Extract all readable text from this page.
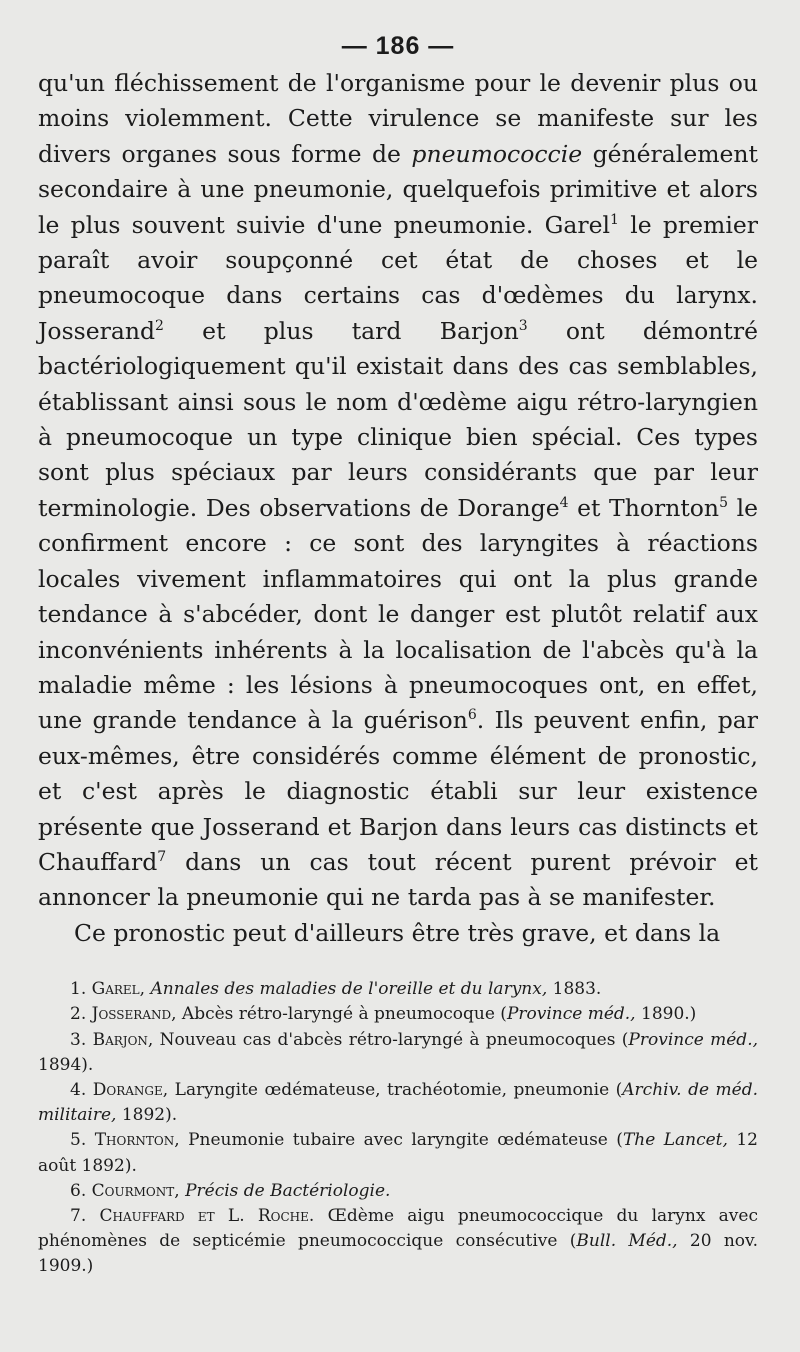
— 186 —

qu'un fléchissement de l'organisme pour le devenir plus ou moins violemment. Cette virulence se manifeste sur les divers organes sous forme de pneumococcie généralement secondaire à une pneumonie, quelquefois primitive et alors le plus souvent suivie d'une pneumonie. Garel$^1$ le premier paraît avoir soupçonné cet état de choses et le pneumocoque dans certains cas d'œdèmes du larynx. Josserand$^2$ et plus tard Barjon$^3$ ont démontré bactériologiquement qu'il existait dans des cas semblables, établissant ainsi sous le nom d'œdème aigu rétro-laryngien à pneumocoque un type clinique bien spécial. Ces types sont plus spéciaux par leurs considérants que par leur terminologie. Des observations de Dorange$^4$ et Thornton$^5$ le confirment encore : ce sont des laryngites à réactions locales vivement inflammatoires qui ont la plus grande tendance à s'abcéder, dont le danger est plutôt relatif aux inconvénients inhérents à la localisation de l'abcès qu'à la maladie même : les lésions à pneumocoques ont, en effet, une grande tendance à la guérison$^6$. Ils peuvent enfin, par eux-mêmes, être considérés comme élément de pronostic, et c'est après le diagnostic établi sur leur existence présente que Josserand et Barjon dans leurs cas distincts et Chauffard$^7$ dans un cas tout récent purent prévoir et annoncer la pneumonie qui ne tarda pas à se manifester.

Ce pronostic peut d'ailleurs être très grave, et dans la

1. Garel, Annales des maladies de l'oreille et du larynx, 1883.

2. Josserand, Abcès rétro-laryngé à pneumocoque (Province méd., 1890.)

3. Barjon, Nouveau cas d'abcès rétro-laryngé à pneumocoques (Province méd., 1894).

4. Dorange, Laryngite œdémateuse, trachéotomie, pneumonie (Archiv. de méd. militaire, 1892).

5. Thornton, Pneumonie tubaire avec laryngite œdémateuse (The Lancet, 12 août 1892).

6. Courmont, Précis de Bactériologie.

7. Chauffard et L. Roche. Œdème aigu pneumococcique du larynx avec phénomènes de septicémie pneumococcique consécutive (Bull. Méd., 20 nov. 1909.)
